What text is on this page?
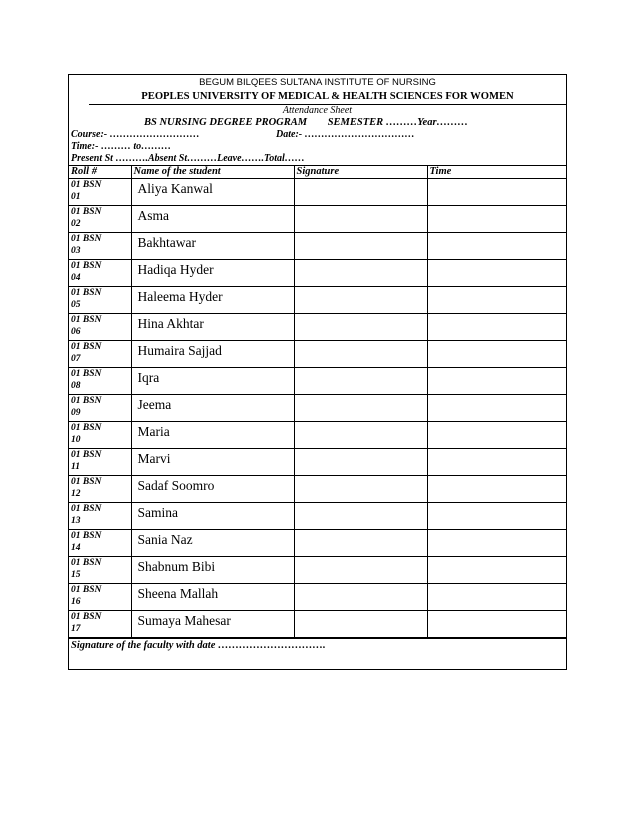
BEGUM BILQEES SULTANA INSTITUTE OF NURSING
PEOPLES UNIVERSITY OF MEDICAL & HEALTH SCIENCES FOR WOMEN
Attendance Sheet
BS NURSING DEGREE PROGRAM SEMESTER ………Year………
Course:- ………………………	Date:- ……………………………
Time:- ……… to………
Present St ……….Absent St………Leave…….Total……
Roll #	Name of the student	Signature	Time
01 BSN
01	Aliya Kanwal		
01 BSN
02	Asma		
01 BSN
03	Bakhtawar		
01 BSN
04	Hadiqa Hyder		
01 BSN
05	Haleema Hyder		
01 BSN
06	Hina Akhtar		
01 BSN
07	Humaira Sajjad		
01 BSN
08	Iqra		
01 BSN
09	Jeema		
01 BSN
10	Maria		
01 BSN
11	Marvi		
01 BSN
12	Sadaf Soomro		
01 BSN
13	Samina		
01 BSN
14	Sania Naz		
01 BSN
15	Shabnum Bibi		
01 BSN
16	Sheena Mallah		
01 BSN
17	Sumaya Mahesar		
Signature of the faculty with date ………………………….
